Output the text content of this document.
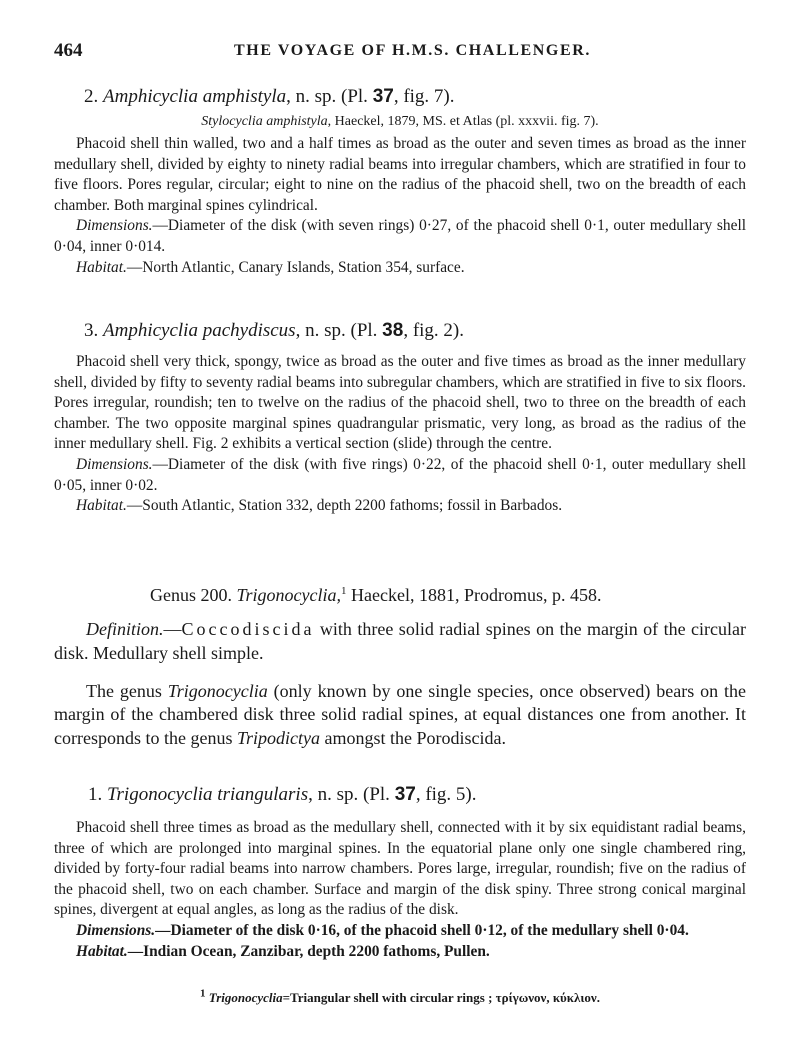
464	THE VOYAGE OF H.M.S. CHALLENGER.

2. Amphicyclia amphistyla, n. sp. (Pl. 37, fig. 7).

Stylocyclia amphistyla, Haeckel, 1879, MS. et Atlas (pl. xxxvii. fig. 7).

Phacoid shell thin walled, two and a half times as broad as the outer and seven times as broad as the inner medullary shell, divided by eighty to ninety radial beams into irregular chambers, which are stratified in four to five floors. Pores regular, circular; eight to nine on the radius of the phacoid shell, two on the breadth of each chamber. Both marginal spines cylindrical.

Dimensions.—Diameter of the disk (with seven rings) 0·27, of the phacoid shell 0·1, outer medullary shell 0·04, inner 0·014.

Habitat.—North Atlantic, Canary Islands, Station 354, surface.

3. Amphicyclia pachydiscus, n. sp. (Pl. 38, fig. 2).

Phacoid shell very thick, spongy, twice as broad as the outer and five times as broad as the inner medullary shell, divided by fifty to seventy radial beams into subregular chambers, which are stratified in five to six floors. Pores irregular, roundish; ten to twelve on the radius of the phacoid shell, two to three on the breadth of each chamber. The two opposite marginal spines quadrangular prismatic, very long, as broad as the radius of the inner medullary shell. Fig. 2 exhibits a vertical section (slide) through the centre.

Dimensions.—Diameter of the disk (with five rings) 0·22, of the phacoid shell 0·1, outer medullary shell 0·05, inner 0·02.

Habitat.—South Atlantic, Station 332, depth 2200 fathoms; fossil in Barbados.

Genus 200. Trigonocyclia,$^1$ Haeckel, 1881, Prodromus, p. 458.

Definition.—Coccodiscida with three solid radial spines on the margin of the circular disk. Medullary shell simple.

The genus Trigonocyclia (only known by one single species, once observed) bears on the margin of the chambered disk three solid radial spines, at equal distances one from another. It corresponds to the genus Tripodictya amongst the Porodiscida.

1. Trigonocyclia triangularis, n. sp. (Pl. 37, fig. 5).

Phacoid shell three times as broad as the medullary shell, connected with it by six equidistant radial beams, three of which are prolonged into marginal spines. In the equatorial plane only one single chambered ring, divided by forty-four radial beams into narrow chambers. Pores large, irregular, roundish; five on the radius of the phacoid shell, two on each chamber. Surface and margin of the disk spiny. Three strong conical marginal spines, divergent at equal angles, as long as the radius of the disk.

Dimensions.—Diameter of the disk 0·16, of the phacoid shell 0·12, of the medullary shell 0·04.

Habitat.—Indian Ocean, Zanzibar, depth 2200 fathoms, Pullen.

$^1$ Trigonocyclia=Triangular shell with circular rings ; τρίγωνον, κύκλιον.
